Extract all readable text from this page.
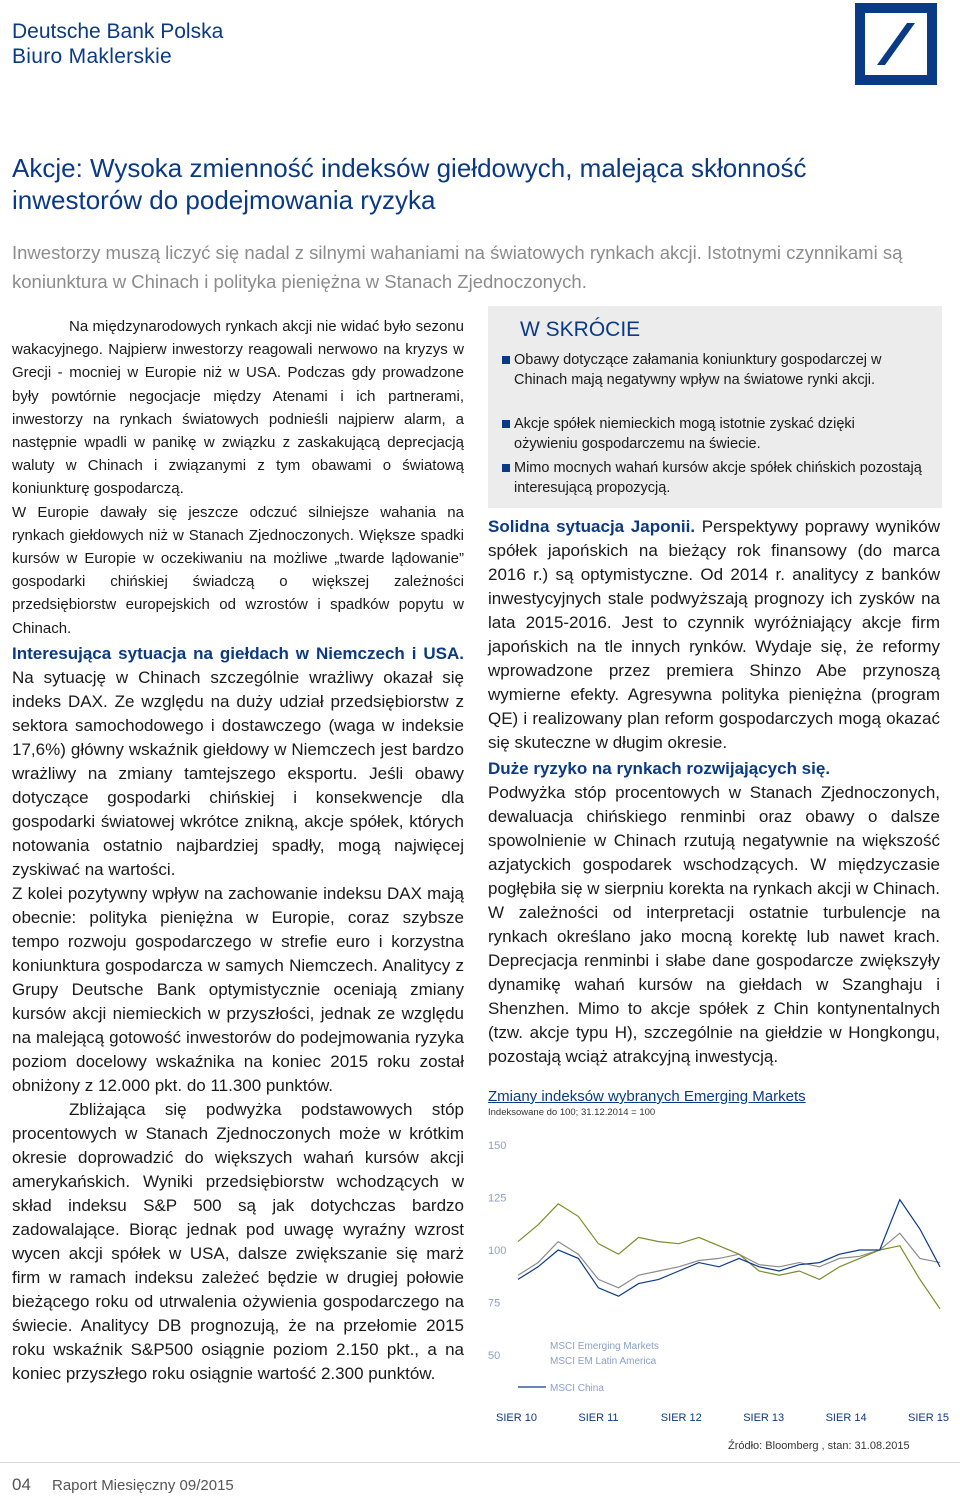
Deutsche Bank Polska
Biuro Maklerskie
Akcje: Wysoka zmienność indeksów giełdowych, malejąca skłonność inwestorów do podejmowania ryzyka
Inwestorzy muszą liczyć się nadal z silnymi wahaniami na światowych rynkach akcji. Istotnymi czynnikami są koniunktura w Chinach i polityka pieniężna w Stanach Zjednoczonych.

Na międzynarodowych rynkach akcji nie widać było sezonu wakacyjnego. Najpierw inwestorzy reagowali nerwowo na kryzys w Grecji - mocniej w Europie niż w USA. Podczas gdy prowadzone były powtórnie negocjacje między Atenami i ich partnerami, inwestorzy na rynkach światowych podnieśli najpierw alarm, a następnie wpadli w panikę w związku z zaskakującą deprecjacją waluty w Chinach i związanymi z tym obawami o światową koniunkturę gospodarczą.

W Europie dawały się jeszcze odczuć silniejsze wahania na rynkach giełdowych niż w Stanach Zjednoczonych. Większe spadki kursów w Europie w oczekiwaniu na możliwe „twarde lądowanie” gospodarki chińskiej świadczą o większej zależności przedsiębiorstw europejskich od wzrostów i spadków popytu w Chinach.

Interesująca sytuacja na giełdach w Niemczech i USA. Na sytuację w Chinach szczególnie wrażliwy okazał się indeks DAX. Ze względu na duży udział przedsiębiorstw z sektora samochodowego i dostawczego (waga w indeksie 17,6%) główny wskaźnik giełdowy w Niemczech jest bardzo wrażliwy na zmiany tamtejszego eksportu. Jeśli obawy dotyczące gospodarki chińskiej i konsekwencje dla gospodarki światowej wkrótce znikną, akcje spółek, których notowania ostatnio najbardziej spadły, mogą najwięcej zyskiwać na wartości.

Z kolei pozytywny wpływ na zachowanie indeksu DAX mają obecnie: polityka pieniężna w Europie, coraz szybsze tempo rozwoju gospodarczego w strefie euro i korzystna koniunktura gospodarcza w samych Niemczech. Analitycy z Grupy Deutsche Bank optymistycznie oceniają zmiany kursów akcji niemieckich w przyszłości, jednak ze względu na malejącą gotowość inwestorów do podejmowania ryzyka poziom docelowy wskaźnika na koniec 2015 roku został obniżony z 12.000 pkt. do 11.300 punktów.

Zbliżająca się podwyżka podstawowych stóp procentowych w Stanach Zjednoczonych może w krótkim okresie doprowadzić do większych wahań kursów akcji amerykańskich. Wyniki przedsiębiorstw wchodzących w skład indeksu S&P 500 są jak dotychczas bardzo zadowalające. Biorąc jednak pod uwagę wyraźny wzrost wycen akcji spółek w USA, dalsze zwiększanie się marż firm w ramach indeksu zależeć będzie w drugiej połowie bieżącego roku od utrwalenia ożywienia gospodarczego na świecie. Analitycy DB prognozują, że na przełomie 2015 roku wskaźnik S&P500 osiągnie poziom 2.150 pkt., a na koniec przyszłego roku osiągnie wartość 2.300 punktów.

W SKRÓCIE
Obawy dotyczące załamania koniunktury gospodarczej w Chinach mają negatywny wpływ na światowe rynki akcji.
Akcje spółek niemieckich mogą istotnie zyskać dzięki ożywieniu gospodarczemu na świecie.
Mimo mocnych wahań kursów akcje spółek chińskich pozostają interesującą propozycją.

Solidna sytuacja Japonii. Perspektywy poprawy wyników spółek japońskich na bieżący rok finansowy (do marca 2016 r.) są optymistyczne. Od 2014 r. analitycy z banków inwestycyjnych stale podwyższają prognozy ich zysków na lata 2015-2016. Jest to czynnik wyróżniający akcje firm japońskich na tle innych rynków. Wydaje się, że reformy wprowadzone przez premiera Shinzo Abe przynoszą wymierne efekty. Agresywna polityka pieniężna (program QE) i realizowany plan reform gospodarczych mogą okazać się skuteczne w długim okresie.

Duże ryzyko na rynkach rozwijających się.

Podwyżka stóp procentowych w Stanach Zjednoczonych, dewaluacja chińskiego renminbi oraz obawy o dalsze spowolnienie w Chinach rzutują negatywnie na większość azjatyckich gospodarek wschodzących. W międzyczasie pogłębiła się w sierpniu korekta na rynkach akcji w Chinach. W zależności od interpretacji ostatnie turbulencje na rynkach określano jako mocną korektę lub nawet krach. Deprecjacja renminbi i słabe dane gospodarcze zwiększyły dynamikę wahań kursów na giełdach w Szanghaju i Shenzhen. Mimo to akcje spółek z Chin kontynentalnych (tzw. akcje typu H), szczególnie na giełdzie w Hongkongu, pozostają wciąż atrakcyjną inwestycją.

Zmiany indeksów wybranych Emerging Markets
Indeksowane do 100; 31.12.2014 = 100
150
125
100
75
50
MSCI Emerging Markets
MSCI EM Latin America
MSCI China
SIER 10	SIER 11	SIER 12	SIER 13	SIER 14	SIER 15
Źródło: Bloomberg , stan: 31.08.2015
04 Raport Miesięczny 09/2015
